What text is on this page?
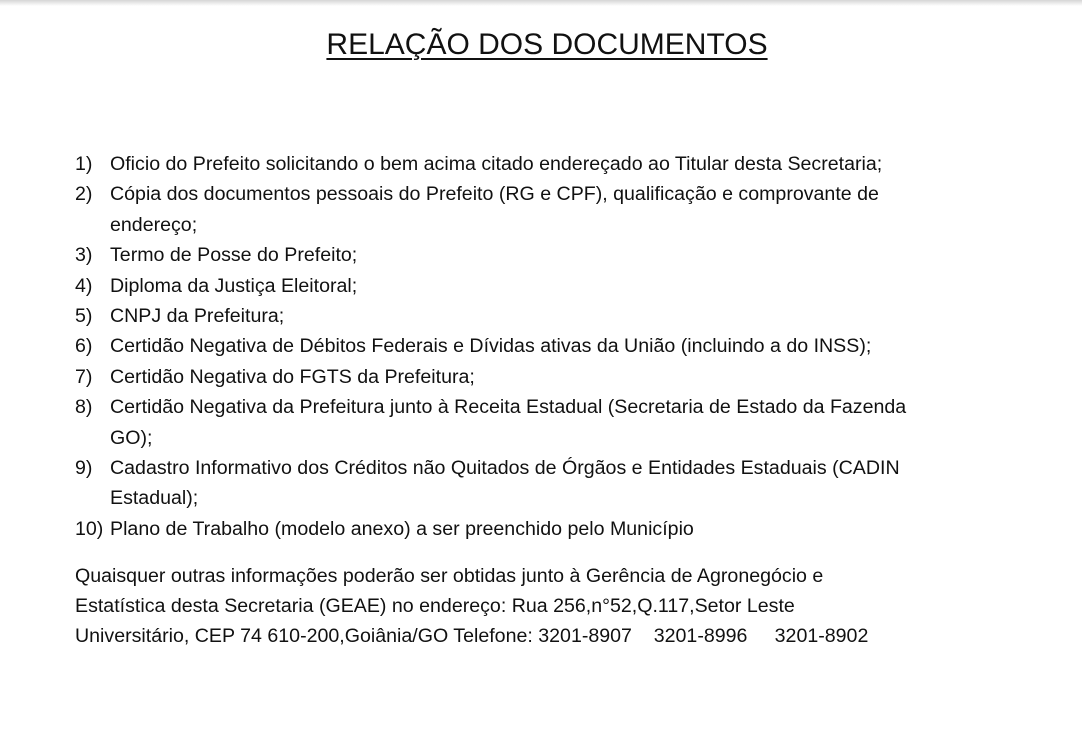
RELAÇÃO DOS DOCUMENTOS
1) Oficio do Prefeito solicitando o bem acima citado endereçado ao Titular desta Secretaria;
2) Cópia dos documentos pessoais do Prefeito (RG e CPF), qualificação e comprovante de
endereço;
3) Termo de Posse do Prefeito;
4) Diploma da Justiça Eleitoral;
5) CNPJ da Prefeitura;
6) Certidão Negativa de Débitos Federais e Dívidas ativas da União (incluindo a do INSS);
7) Certidão Negativa do FGTS da Prefeitura;
8) Certidão Negativa da Prefeitura junto à Receita Estadual (Secretaria de Estado da Fazenda
GO);
9) Cadastro Informativo dos Créditos não Quitados de Órgãos e Entidades Estaduais (CADIN
Estadual);
10) Plano de Trabalho (modelo anexo) a ser preenchido pelo Município

Quaisquer outras informações poderão ser obtidas junto à Gerência de Agronegócio e
Estatística desta Secretaria (GEAE) no endereço: Rua 256,n°52,Q.117,Setor Leste
Universitário, CEP 74 610-200,Goiânia/GO Telefone: 3201-8907    3201-8996     3201-8902
